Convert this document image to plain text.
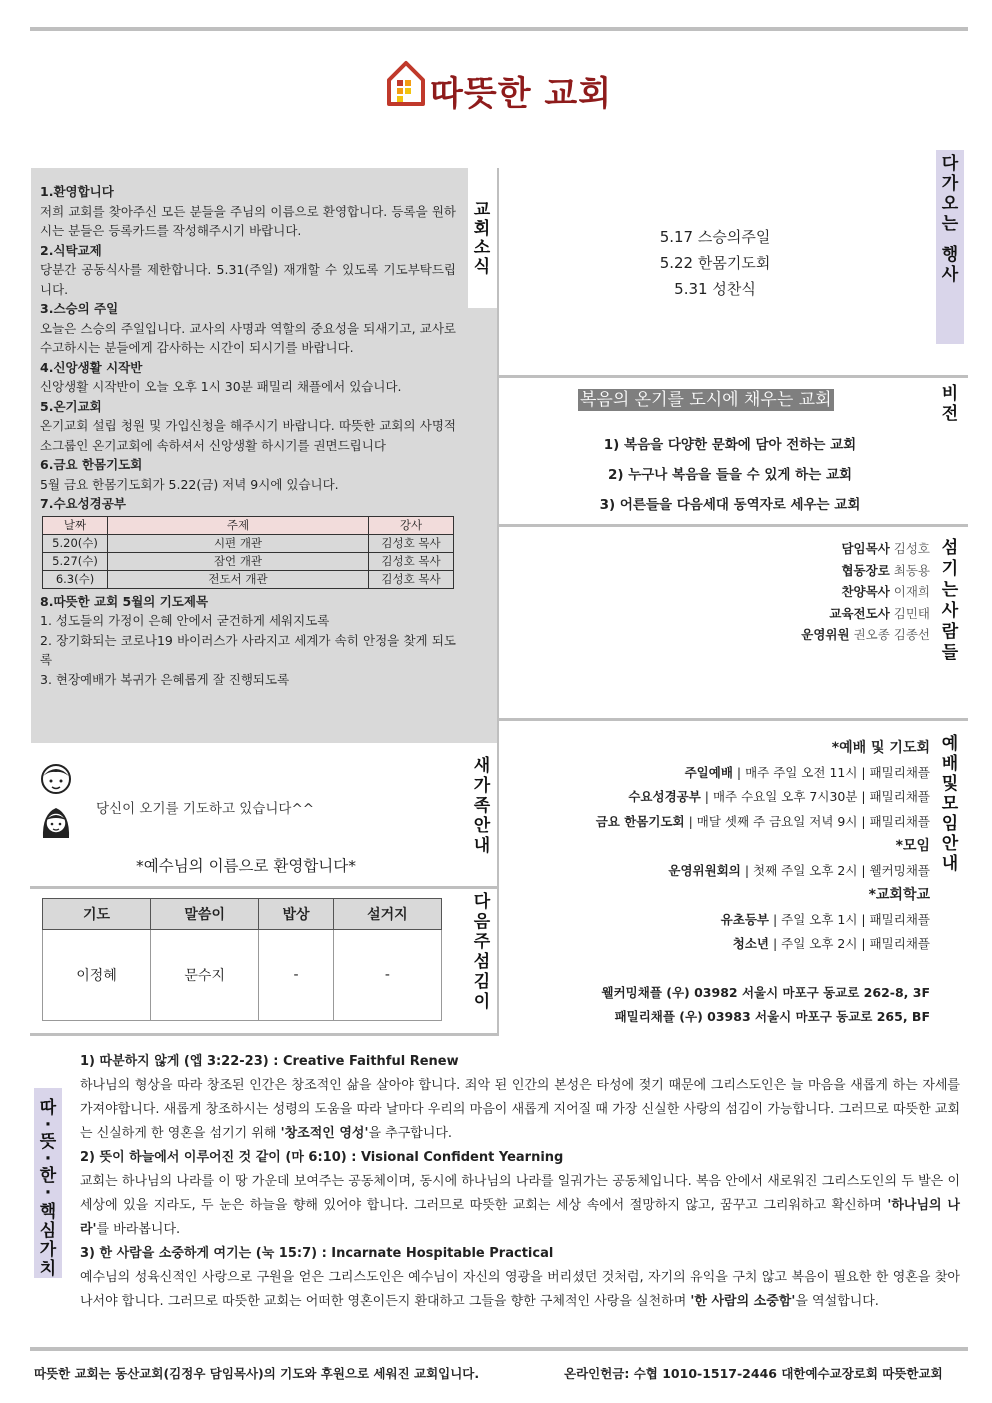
따뜻한 교회
교
회
소
식
1.환영합니다
저희 교회를 찾아주신 모든 분들을 주님의 이름으로 환영합니다. 등록을 원하시는 분들은 등록카드를 작성해주시기 바랍니다.
2.식탁교제
당분간 공동식사를 제한합니다. 5.31(주일) 재개할 수 있도록 기도부탁드립니다.
3.스승의 주일
오늘은 스승의 주일입니다. 교사의 사명과 역할의 중요성을 되새기고, 교사로 수고하시는 분들에게 감사하는 시간이 되시기를 바랍니다.
4.신앙생활 시작반
신앙생활 시작반이 오늘 오후 1시 30분 패밀리 채플에서 있습니다.
5.온기교회
온기교회 설립 청원 및 가입신청을 해주시기 바랍니다. 따뜻한 교회의 사명적 소그룹인 온기교회에 속하셔서 신앙생활 하시기를 권면드립니다
6.금요 한몸기도회
5월 금요 한몸기도회가 5.22(금) 저녁 9시에 있습니다.
7.수요성경공부
날짜	주제	강사
5.20(수)	시편 개관	김성호 목사
5.27(수)	잠언 개관	김성호 목사
6.3(수)	전도서 개관	김성호 목사
8.따뜻한 교회 5월의 기도제목
1. 성도들의 가정이 은혜 안에서 굳건하게 세워지도록
2. 장기화되는 코로나19 바이러스가 사라지고 세계가 속히 안정을 찾게 되도록
3. 현장예배가 복귀가 은혜롭게 잘 진행되도록
다
가
오
는
행
사
5.17 스승의주일
5.22 한몸기도회
5.31 성찬식
비
전
복음의 온기를 도시에 채우는 교회
1) 복음을 다양한 문화에 담아 전하는 교회
2) 누구나 복음을 들을 수 있게 하는 교회
3) 어른들을 다음세대 동역자로 세우는 교회
섬
기
는
사
람
들
담임목사 김성호
협동장로 최동용
찬양목사 이재희
교육전도사 김민태
운영위원 권오종 김종선
당신이 오기를 기도하고 있습니다^^
*예수님의 이름으로 환영합니다*
새
가
족
안
내
기도	말씀이	밥상	설거지
이정혜	문수지	-	-
다
음
주
섬
김
이
예
배
및
모
임
안
내
*예배 및 기도회
주일예배 | 매주 주일 오전 11시 | 패밀리채플
수요성경공부 | 매주 수요일 오후 7시30분 | 패밀리채플
금요 한몸기도회 | 매달 셋째 주 금요일 저녁 9시 | 패밀리채플
*모임
운영위원회의 | 첫째 주일 오후 2시 | 웰커밍채플
*교회학교
유초등부 | 주일 오후 1시 | 패밀리채플
청소년 | 주일 오후 2시 | 패밀리채플
웰커밍채플 (우) 03982 서울시 마포구 동교로 262-8, 3F
패밀리채플 (우) 03983 서울시 마포구 동교로 265, BF
따
·
뜻
·
한
·
핵
심
가
치
1) 따분하지 않게 (엡 3:22-23) : Creative Faithful Renew
하나님의 형상을 따라 창조된 인간은 창조적인 삶을 살아야 합니다. 죄악 된 인간의 본성은 타성에 젖기 때문에 그리스도인은 늘 마음을 새롭게 하는 자세를 가져야합니다. 새롭게 창조하시는 성령의 도움을 따라 날마다 우리의 마음이 새롭게 지어질 때 가장 신실한 사랑의 섬김이 가능합니다. 그러므로 따뜻한 교회는 신실하게 한 영혼을 섬기기 위해 '창조적인 영성'을 추구합니다.
2) 뜻이 하늘에서 이루어진 것 같이 (마 6:10) : Visional Confident Yearning
교회는 하나님의 나라를 이 땅 가운데 보여주는 공동체이며, 동시에 하나님의 나라를 일궈가는 공동체입니다. 복음 안에서 새로워진 그리스도인의 두 발은 이 세상에 있을 지라도, 두 눈은 하늘을 향해 있어야 합니다. 그러므로 따뜻한 교회는 세상 속에서 절망하지 않고, 꿈꾸고 그리워하고 확신하며 '하나님의 나라'를 바라봅니다.
3) 한 사람을 소중하게 여기는 (눅 15:7) : Incarnate Hospitable Practical
예수님의 성육신적인 사랑으로 구원을 얻은 그리스도인은 예수님이 자신의 영광을 버리셨던 것처럼, 자기의 유익을 구치 않고 복음이 필요한 한 영혼을 찾아 나서야 합니다. 그러므로 따뜻한 교회는 어떠한 영혼이든지 환대하고 그들을 향한 구체적인 사랑을 실천하며 '한 사람의 소중함'을 역설합니다.
따뜻한 교회는 동산교회(김정우 담임목사)의 기도와 후원으로 세워진 교회입니다.	온라인헌금: 수협 1010-1517-2446 대한예수교장로회 따뜻한교회
